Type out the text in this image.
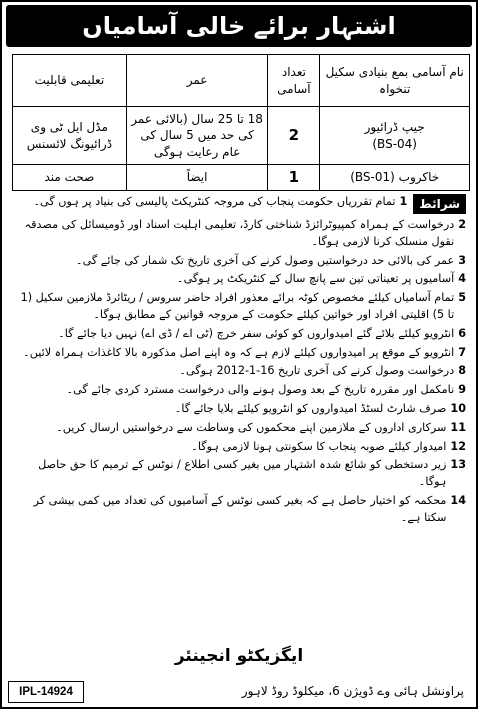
اشتہار برائے خالی آسامیاں
نام آسامی بمع بنیادی سکیل تنخواہ	تعداد آسامی	عمر	تعلیمی قابلیت

جیپ ڈرائیور
(BS-04)	2	18 تا 25 سال (بالائی عمر کی حد میں 5 سال کی عام رعایت ہوگی	مڈل ایل ٹی وی ڈرائیونگ لائسنس
خاکروب (BS-01)	1	ایضاً	صحت مند
شرائط
1
تمام تقرریاں حکومت پنجاب کی مروجہ کنٹریکٹ پالیسی کی بنیاد پر ہوں گی۔
2
درخواست کے ہمراہ کمپیوٹرائزڈ شناختی کارڈ، تعلیمی اہلیت اسناد اور ڈومیسائل کی مصدقہ نقول منسلک کرنا لازمی ہوگا۔
3
عمر کی بالائی حد درخواستیں وصول کرنے کی آخری تاریخ تک شمار کی جائے گی۔
4
آسامیوں پر تعیناتی تین سے پانچ سال کے کنٹریکٹ پر ہوگی۔
5
تمام آسامیاں کیلئے مخصوص کوٹہ برائے معذور افراد حاضر سروس / ریٹائرڈ ملازمین سکیل (1 تا 5) اقلیتی افراد اور خواتین کیلئے حکومت کے مروجہ قوانین کے مطابق ہوگا۔
6
انٹرویو کیلئے بلائے گئے امیدواروں کو کوئی سفر خرچ (ٹی اے / ڈی اے) نہیں دیا جائے گا۔
7
انٹرویو کے موقع پر امیدواروں کیلئے لازم ہے کہ وہ اپنے اصل مذکورہ بالا کاغذات ہمراہ لائیں۔
8
درخواست وصول کرنے کی آخری تاریخ 16-1-2012 ہوگی۔
9
نامکمل اور مقررہ تاریخ کے بعد وصول ہونے والی درخواست مسترد کردی جائے گی۔
10
صرف شارٹ لسٹڈ امیدواروں کو انٹرویو کیلئے بلایا جائے گا۔
11
سرکاری اداروں کے ملازمین اپنے محکموں کی وساطت سے درخواستیں ارسال کریں۔
12
امیدوار کیلئے صوبہ پنجاب کا سکونتی ہونا لازمی ہوگا۔
13
زیر دستخطی کو شائع شدہ اشتہار میں بغیر کسی اطلاع / نوٹس کے ترمیم کا حق حاصل ہوگا۔
14
محکمہ کو اختیار حاصل ہے کہ بغیر کسی نوٹس کے آسامیوں کی تعداد میں کمی بیشی کر سکتا ہے۔
ایگزیکٹو انجینئر
پراونشل ہائی وے ڈویژن 6، میکلوڈ روڈ لاہور
IPL-14924
